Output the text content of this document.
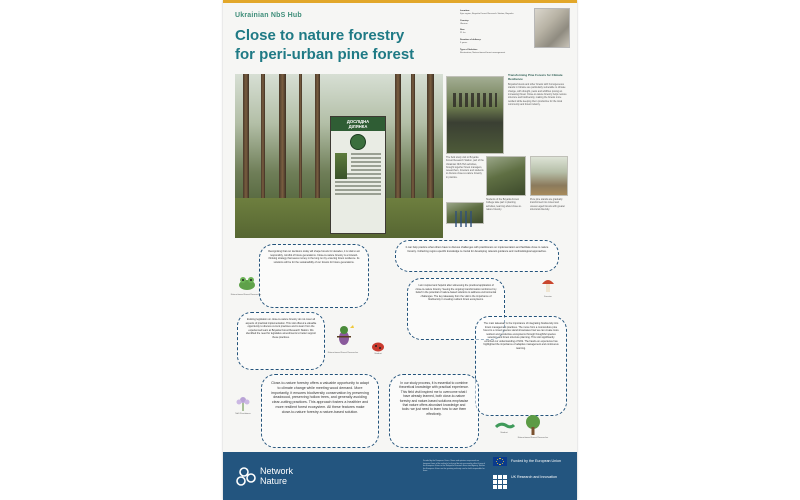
Ukrainian NbS Hub
Close to nature forestry
for peri-urban pine forest
Location:
Kyiv region, Boyarka Forest Research Station, Boyarka
Country:
Ukraine
Size:
21 ha
Duration of delivery:
5 years
Type of Solution:
Restoration; Nature-based forest management
ДОСЛІДНА
ДІЛЯНКА
Transforming Pine Forests for Climate Resilience
Boyarka forests and other forests with homogeneous stands in Ukraine are particularly vulnerable to climate change, with drought, pests and wildfires posing an increasing threat. Close-to-nature forestry helps restore structure and biodiversity, making the forests more resilient while keeping them productive for the local community and forest industry.
The field study visit to Boyarka Forest Research Station, part of the Ukrainian NbS Hub activities, brought together forest managers, researchers, foresters and students to discuss close-to-nature forestry in practice.
Students of the Boyarka Forest College take part in planting activities, learning about close-to-nature forestry.
Pure pine stands are gradually transformed into mixed and uneven-aged forests with greater structural diversity.
Recognising that our decisions today will shape forests for decades, it is vital to act responsibly, mindful of future generations. Close-to-nature forestry is a forward-thinking strategy that saves money in the long run by ensuring forest resilience. Its solutions will be for the sustainability of our forests for future generations.
It can help practice what others have to discuss challenges with practitioners on implementation and facilitate close to nature forestry. Collecting region-specific knowledge is crucial for developing relevant guidance and methodological approaches.
I am inspired and hopeful after witnessing the practical application of close-to-nature forestry. Seeing the ongoing transformation reinforced my belief in the potential of nature-based solutions to address environmental challenges. The key takeaway from the visit is the importance of biodiversity in creating resilient forest ecosystems.
Existing legislation on close-to-nature forestry do not cover all aspects of practical implementation. This visit offered a valuable opportunity to discuss current practices and to learn from the experienced team at Boyarka Forest Research Station. We identified the need for legislative amendments to better support these practices.
The main takeaway is the importance of integrating biodiversity into forest management practices. The move from a monoculture pine forest to a mixed species stand showcases how we can create more resilient and productive ecosystems through thoughtful species selection and forest structure planning. This visit significantly enriched our understanding of NbS. The hands-on experience has highlighted the importance of adaptive management and continuous learning.
Close-to-nature forestry offers a valuable opportunity to adapt to climate change while meeting wood demand. More importantly, it ensures biodiversity conservation by preserving deadwood, preserving hollow trees, and generally avoiding clear-cutting practices. This approach fosters a healthier and more resilient forest ecosystem. All these features make close-to-nature forestry a nature-based solution.
In our study process, it is essential to combine theoretical knowledge with practical experience. This field visit inspired me to overcome what I have already learned, both close-to-nature forestry and nature-based solutions emphasise that nature offers abundant knowledge and tools: we just need to learn how to use them effectively.
Nature-based Forest Researcher
Forester
Nature-based Forest Researcher	Student
NbS Practitioner
Student
Nature-based Forest Researcher
Network
Nature
Funded by the European Union. Views and opinions expressed are however those of the author(s) only and do not necessarily reflect those of the European Union or the European Research Executive Agency. Neither the European Union nor the granting authority can be held responsible for them.
Funded by the European Union
UK Research and Innovation
